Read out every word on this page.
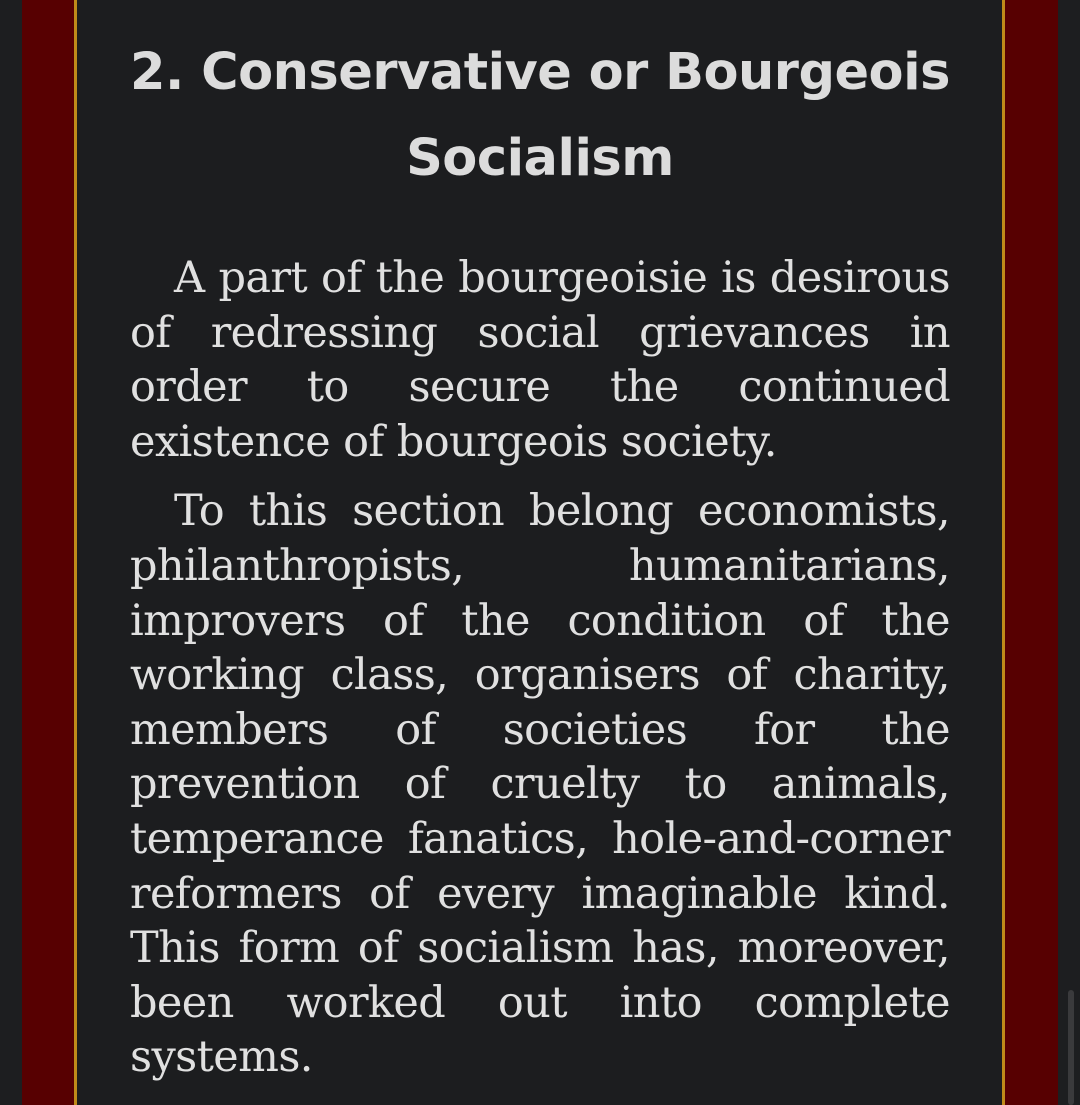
2. Conservative or Bourgeois Socialism

A part of the bourgeoisie is desirous of redressing social grievances in order to secure the continued existence of bourgeois society.

To this section belong economists, philanthropists, humanitarians, improvers of the condition of the working class, organisers of charity, members of societies for the prevention of cruelty to animals, temperance fanatics, hole-and-corner reformers of every imaginable kind. This form of socialism has, moreover, been worked out into complete systems.
